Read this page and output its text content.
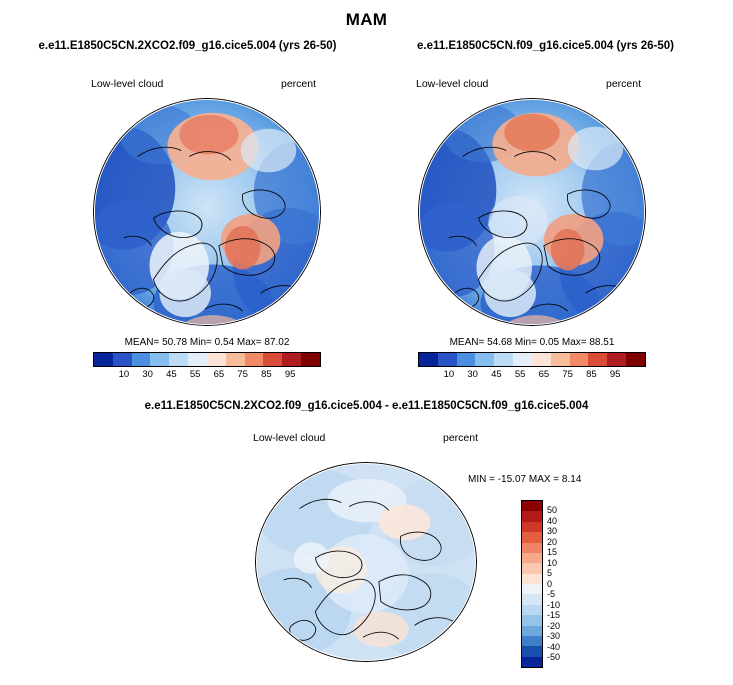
MAM
e.e11.E1850C5CN.2XCO2.f09_g16.cice5.004 (yrs 26-50)
Low-level cloud	percent
MEAN= 50.78 Min= 0.54 Max= 87.02
10	30	45	55	65	75	85	95
e.e11.E1850C5CN.f09_g16.cice5.004 (yrs 26-50)
Low-level cloud	percent
MEAN= 54.68 Min= 0.05 Max= 88.51
10	30	45	55	65	75	85	95
e.e11.E1850C5CN.2XCO2.f09_g16.cice5.004 - e.e11.E1850C5CN.f09_g16.cice5.004
Low-level cloud	percent
MIN = -15.07 MAX = 8.14
50
40
30
20
15
10
5
0
-5
-10
-15
-20
-30
-40
-50
